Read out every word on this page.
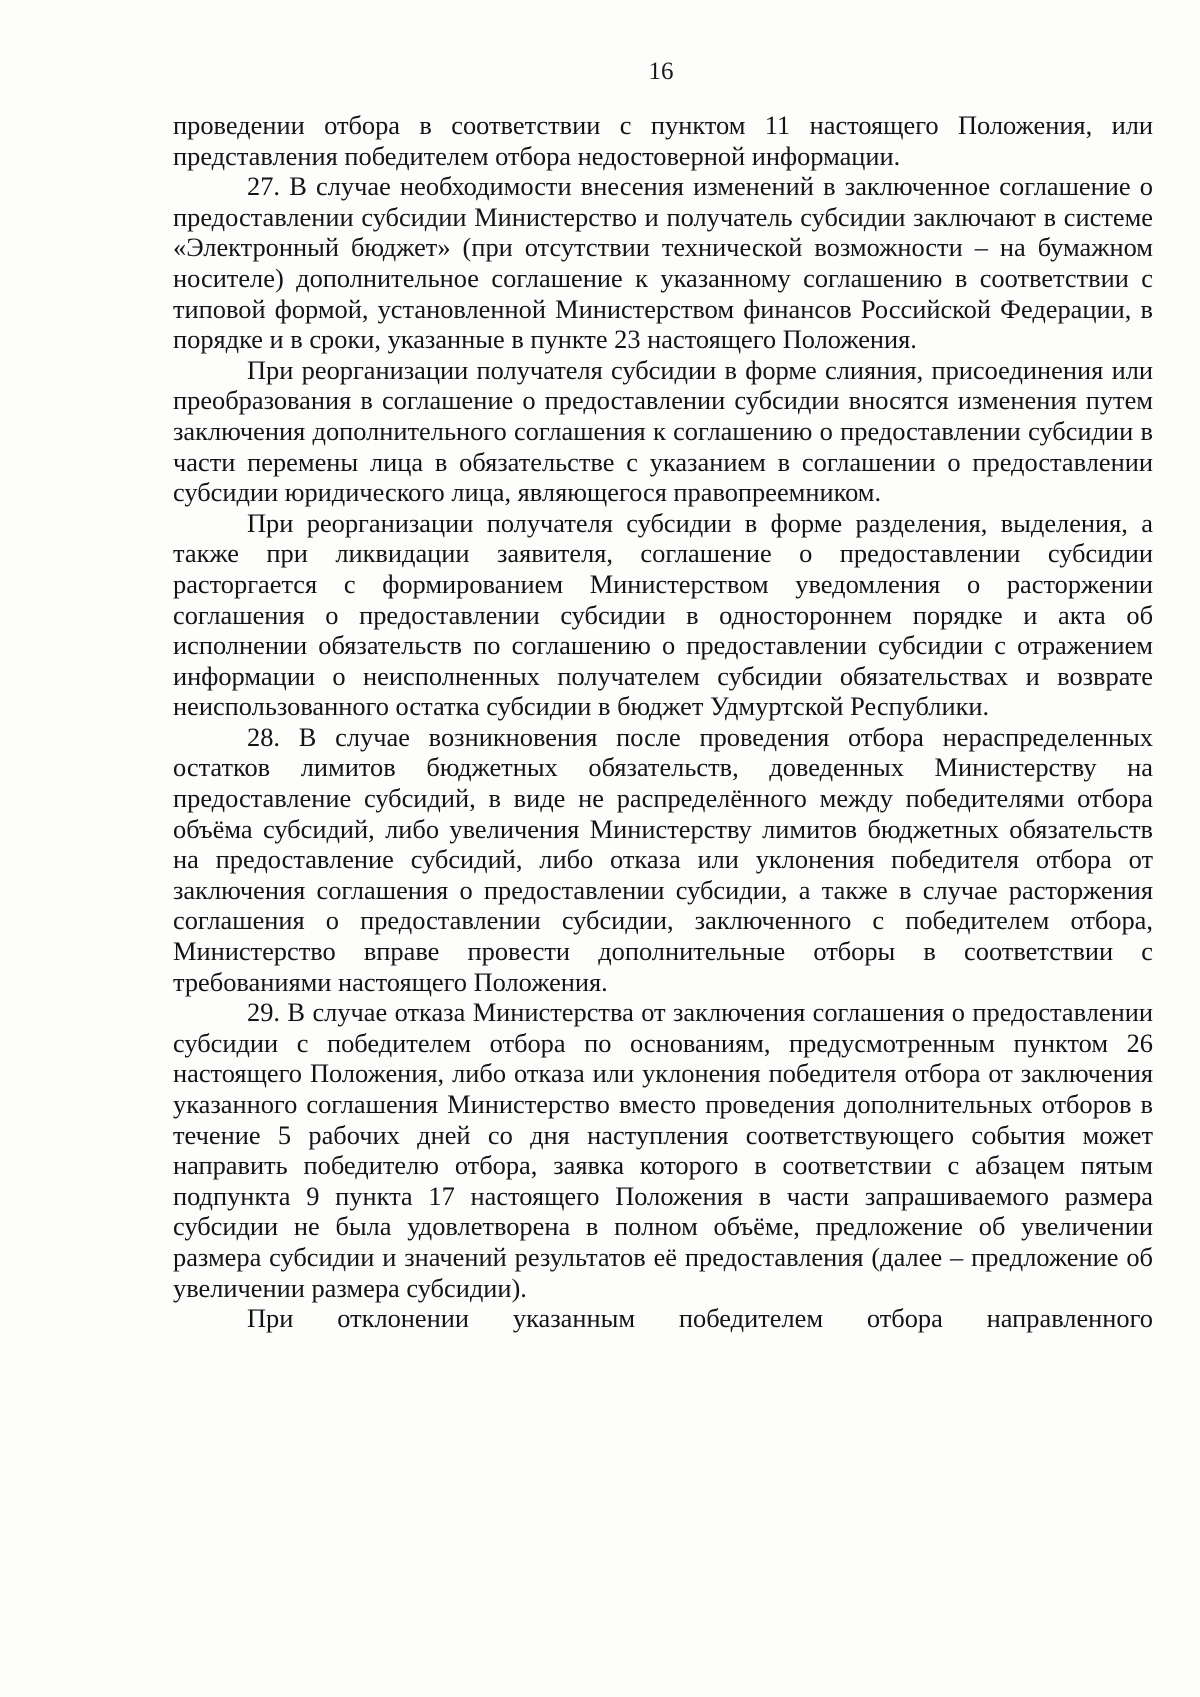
16

проведении отбора в соответствии с пунктом 11 настоящего Положения, или представления победителем отбора недостоверной информации.

27. В случае необходимости внесения изменений в заключенное соглашение о предоставлении субсидии Министерство и получатель субсидии заключают в системе «Электронный бюджет» (при отсутствии технической возможности – на бумажном носителе) дополнительное соглашение к указанному соглашению в соответствии с типовой формой, установленной Министерством финансов Российской Федерации, в порядке и в сроки, указанные в пункте 23 настоящего Положения.

При реорганизации получателя субсидии в форме слияния, присоединения или преобразования в соглашение о предоставлении субсидии вносятся изменения путем заключения дополнительного соглашения к соглашению о предоставлении субсидии в части перемены лица в обязательстве с указанием в соглашении о предоставлении субсидии юридического лица, являющегося правопреемником.

При реорганизации получателя субсидии в форме разделения, выделения, а также при ликвидации заявителя, соглашение о предоставлении субсидии расторгается с формированием Министерством уведомления о расторжении соглашения о предоставлении субсидии в одностороннем порядке и акта об исполнении обязательств по соглашению о предоставлении субсидии с отражением информации о неисполненных получателем субсидии обязательствах и возврате неиспользованного остатка субсидии в бюджет Удмуртской Республики.

28. В случае возникновения после проведения отбора нераспределенных остатков лимитов бюджетных обязательств, доведенных Министерству на предоставление субсидий, в виде не распределённого между победителями отбора объёма субсидий, либо увеличения Министерству лимитов бюджетных обязательств на предоставление субсидий, либо отказа или уклонения победителя отбора от заключения соглашения о предоставлении субсидии, а также в случае расторжения соглашения о предоставлении субсидии, заключенного с победителем отбора, Министерство вправе провести дополнительные отборы в соответствии с требованиями настоящего Положения.

29. В случае отказа Министерства от заключения соглашения о предоставлении субсидии с победителем отбора по основаниям, предусмотренным пунктом 26 настоящего Положения, либо отказа или уклонения победителя отбора от заключения указанного соглашения Министерство вместо проведения дополнительных отборов в течение 5 рабочих дней со дня наступления соответствующего события может направить победителю отбора, заявка которого в соответствии с абзацем пятым подпункта 9 пункта 17 настоящего Положения в части запрашиваемого размера субсидии не была удовлетворена в полном объёме, предложение об увеличении размера субсидии и значений результатов её предоставления (далее – предложение об увеличении размера субсидии).

При отклонении указанным победителем отбора направленного
